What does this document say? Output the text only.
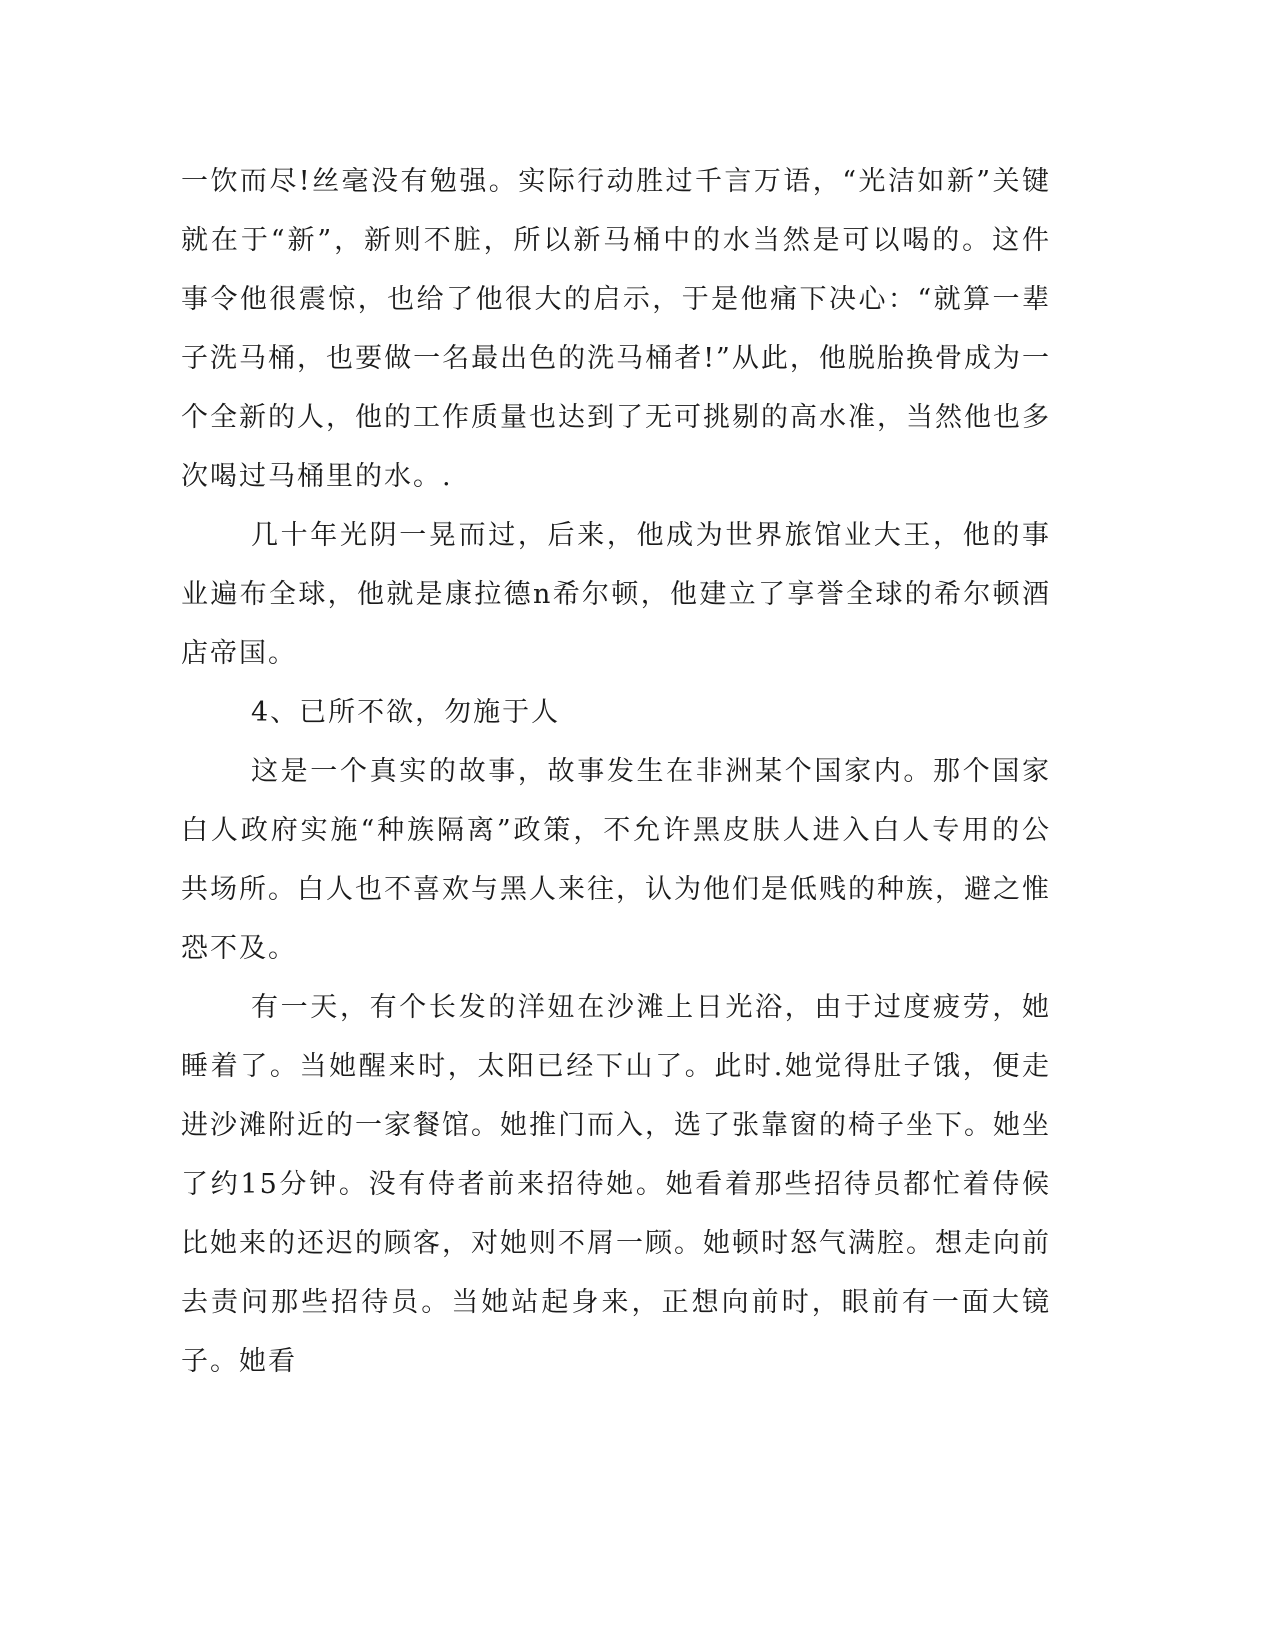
一饮而尽!丝毫没有勉强。实际行动胜过千言万语，“光洁如新”关键就在于“新”，新则不脏，所以新马桶中的水当然是可以喝的。这件事令他很震惊，也给了他很大的启示，于是他痛下决心：“就算一辈子洗马桶，也要做一名最出色的洗马桶者!”从此，他脱胎换骨成为一个全新的人，他的工作质量也达到了无可挑剔的高水准，当然他也多次喝过马桶里的水。.

几十年光阴一晃而过，后来，他成为世界旅馆业大王，他的事业遍布全球，他就是康拉德n希尔顿，他建立了享誉全球的希尔顿酒店帝国。

4、已所不欲，勿施于人

这是一个真实的故事，故事发生在非洲某个国家内。那个国家白人政府实施“种族隔离”政策，不允许黑皮肤人进入白人专用的公共场所。白人也不喜欢与黑人来往，认为他们是低贱的种族，避之惟恐不及。

有一天，有个长发的洋妞在沙滩上日光浴，由于过度疲劳，她睡着了。当她醒来时，太阳已经下山了。此时.她觉得肚子饿，便走进沙滩附近的一家餐馆。她推门而入，选了张靠窗的椅子坐下。她坐了约15分钟。没有侍者前来招待她。她看着那些招待员都忙着侍候比她来的还迟的顾客，对她则不屑一顾。她顿时怒气满腔。想走向前去责问那些招待员。当她站起身来，正想向前时，眼前有一面大镜子。她看
